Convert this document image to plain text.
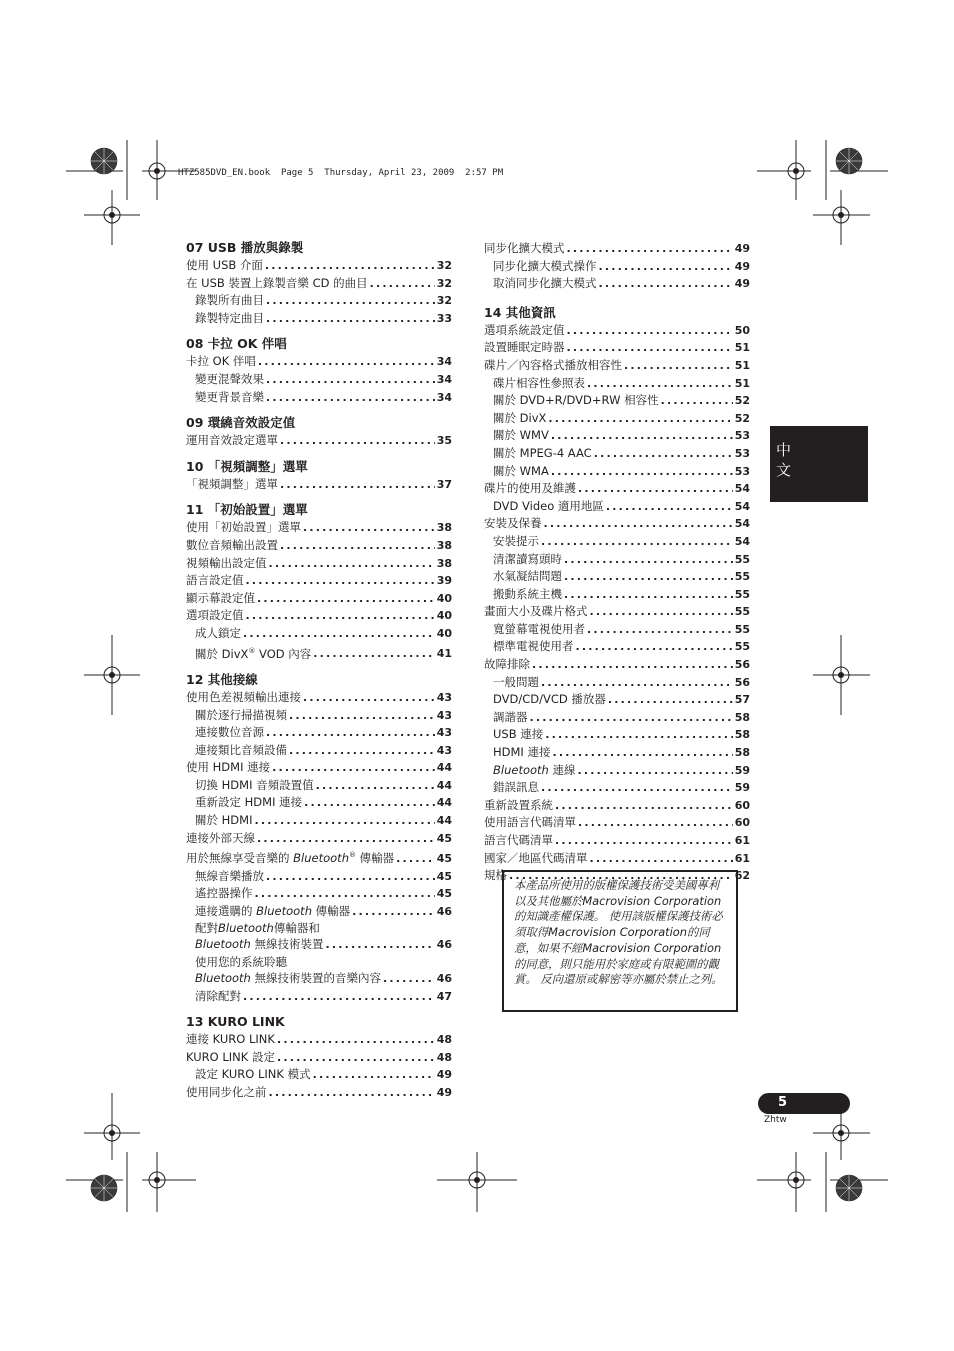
HTZ585DVD_EN.book  Page 5  Thursday, April 23, 2009  2:57 PM
07 USB 播放與錄製
使用 USB 介面 .....	32
在 USB 裝置上錄製音樂 CD 的曲目 .....	32
錄製所有曲目 .....	32
錄製特定曲目 .....	33
08 卡拉 OK 伴唱
卡拉 OK 伴唱 .....	34
變更混聲效果 .....	34
變更背景音樂 .....	34
09 環繞音效設定值
運用音效設定選單 .....	35
10 「視頻調整」選單
「視頻調整」選單 .....	37
11 「初始設置」選單
使用「初始設置」選單 .....	38
數位音頻輸出設置 .....	38
視頻輸出設定值 .....	38
語言設定值 .....	39
顯示幕設定值 .....	40
選項設定值 .....	40
成人鎖定 .....	40
關於 DivX® VOD 內容 .....	41
12 其他接線
使用色差視頻輸出連接 .....	43
關於逐行掃描視頻 .....	43
連接數位音源 .....	43
連接類比音頻設備 .....	43
使用 HDMI 連接 .....	44
切換 HDMI 音頻設置值 .....	44
重新設定 HDMI 連接 .....	44
關於 HDMI .....	44
連接外部天線 .....	45
用於無線享受音樂的 Bluetooth® 傳輸器 .....	45
無線音樂播放 .....	45
遙控器操作 .....	45
連接選購的 Bluetooth 傳輸器 .....	46
配對 Bluetooth 傳輸器和
Bluetooth 無線技術裝置 .....	46
使用您的系統聆聽
Bluetooth 無線技術裝置的音樂內容 .....	46
清除配對 .....	47
13 KURO LINK
連接 KURO LINK .....	48
KURO LINK 設定 .....	48
設定 KURO LINK 模式 .....	49
使用同步化之前 .....	49
同步化擴大模式 .....	49
同步化擴大模式操作 .....	49
取消同步化擴大模式 .....	49
14 其他資訊
選項系統設定值 .....	50
設置睡眠定時器 .....	51
碟片／內容格式播放相容性 .....	51
碟片相容性參照表 .....	51
關於 DVD+R/DVD+RW 相容性 .....	52
關於 DivX .....	52
關於 WMV .....	53
關於 MPEG-4 AAC .....	53
關於 WMA .....	53
碟片的使用及維護 .....	54
DVD Video 適用地區 .....	54
安裝及保養 .....	54
安裝提示 .....	54
清潔讀寫頭時 .....	55
水氣凝結問題 .....	55
搬動系統主機 .....	55
畫面大小及碟片格式 .....	55
寬螢幕電視使用者 .....	55
標準電視使用者 .....	55
故障排除 .....	56
一般問題 .....	56
DVD/CD/VCD 播放器 .....	57
調諧器 .....	58
USB 連接 .....	58
HDMI 連接 .....	58
Bluetooth 連線 .....	59
錯誤訊息 .....	59
重新設置系統 .....	60
使用語言代碼清單 .....	60
語言代碼清單 .....	61
國家／地區代碼清單 .....	61
規格 .....	62
中
文
本產品所使用的版權保護技術受美國專利以及其他屬於Macrovision Corporation的知識產權保護。 使用該版權保護技術必須取得Macrovision Corporation的同意，如果不經Macrovision Corporation的同意，則只能用於家庭或有限範圍的觀賞。 反向還原或解密等亦屬於禁止之列。
5
Zhtw
